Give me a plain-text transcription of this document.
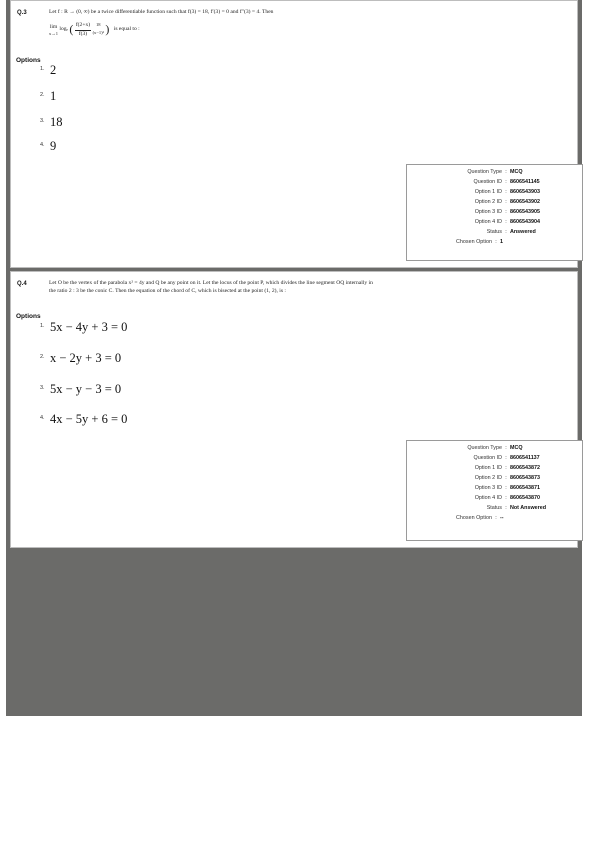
Q.3	Let f : R → (0, ∞) be a twice differentiable function such that f(3) = 18, f′(3) = 0 and f″(3) = 4. Then
lim
x→1
logₑ ( $\frac{f(2+x)}{f(3)}$
	18
(x−1)² ) is equal to :
Options
1. 2
2. 1
3. 18
4. 9
Question Type : MCQ
Question ID : 8606541145
Option 1 ID : 8606543903
Option 2 ID : 8606543902
Option 3 ID : 8606543905
Option 4 ID : 8606543904
Status : Answered
Chosen Option : 1
Q.4	Let O be the vertex of the parabola x² = 4y and Q be any point on it. Let the locus of the point P, which divides the line segment OQ internally in the ratio 2 : 3 be the conic C. Then the equation of the chord of C, which is bisected at the point (1, 2), is :
Options
1. 5x − 4y + 3 = 0
2. x − 2y + 3 = 0
3. 5x − y − 3 = 0
4. 4x − 5y + 6 = 0
Question Type : MCQ
Question ID : 8606541137
Option 1 ID : 8606543872
Option 2 ID : 8606543873
Option 3 ID : 8606543871
Option 4 ID : 8606543870
Status : Not Answered
Chosen Option : --
